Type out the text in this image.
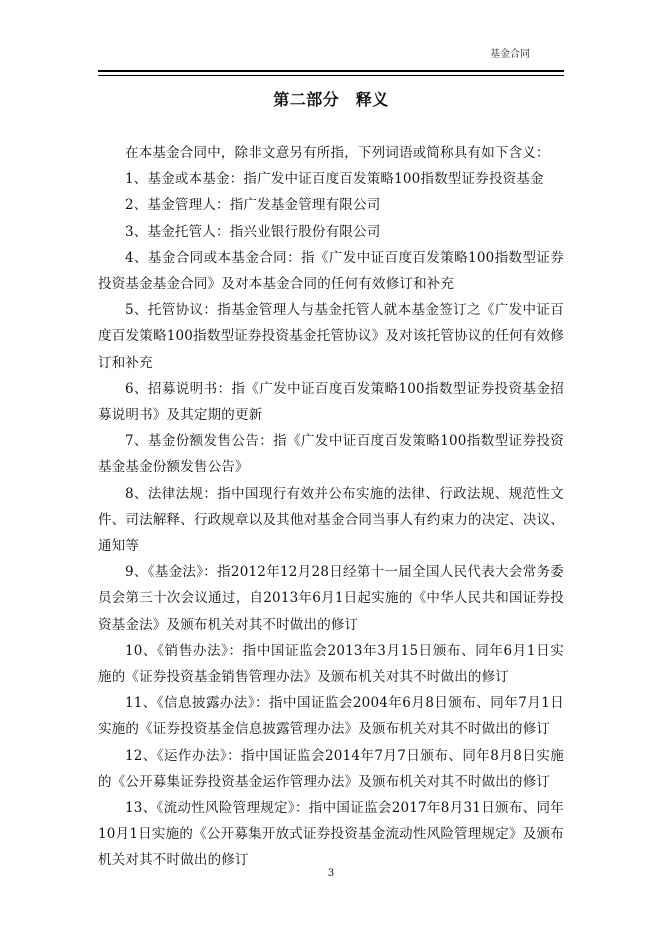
基金合同
第二部分　释义

在本基金合同中，除非文意另有所指，下列词语或简称具有如下含义：

1、基金或本基金：指广发中证百度百发策略100指数型证券投资基金

2、基金管理人：指广发基金管理有限公司

3、基金托管人：指兴业银行股份有限公司

4、基金合同或本基金合同：指《广发中证百度百发策略100指数型证券投资基金基金合同》及对本基金合同的任何有效修订和补充

5、托管协议：指基金管理人与基金托管人就本基金签订之《广发中证百度百发策略100指数型证券投资基金托管协议》及对该托管协议的任何有效修订和补充

6、招募说明书：指《广发中证百度百发策略100指数型证券投资基金招募说明书》及其定期的更新

7、基金份额发售公告：指《广发中证百度百发策略100指数型证券投资基金基金份额发售公告》

8、法律法规：指中国现行有效并公布实施的法律、行政法规、规范性文件、司法解释、行政规章以及其他对基金合同当事人有约束力的决定、决议、通知等

9、《基金法》：指2012年12月28日经第十一届全国人民代表大会常务委员会第三十次会议通过，自2013年6月1日起实施的《中华人民共和国证券投资基金法》及颁布机关对其不时做出的修订

10、《销售办法》：指中国证监会2013年3月15日颁布、同年6月1日实施的《证券投资基金销售管理办法》及颁布机关对其不时做出的修订

11、《信息披露办法》：指中国证监会2004年6月8日颁布、同年7月1日实施的《证券投资基金信息披露管理办法》及颁布机关对其不时做出的修订

12、《运作办法》：指中国证监会2014年7月7日颁布、同年8月8日实施的《公开募集证券投资基金运作管理办法》及颁布机关对其不时做出的修订

13、《流动性风险管理规定》：指中国证监会2017年8月31日颁布、同年10月1日实施的《公开募集开放式证券投资基金流动性风险管理规定》及颁布机关对其不时做出的修订

3
